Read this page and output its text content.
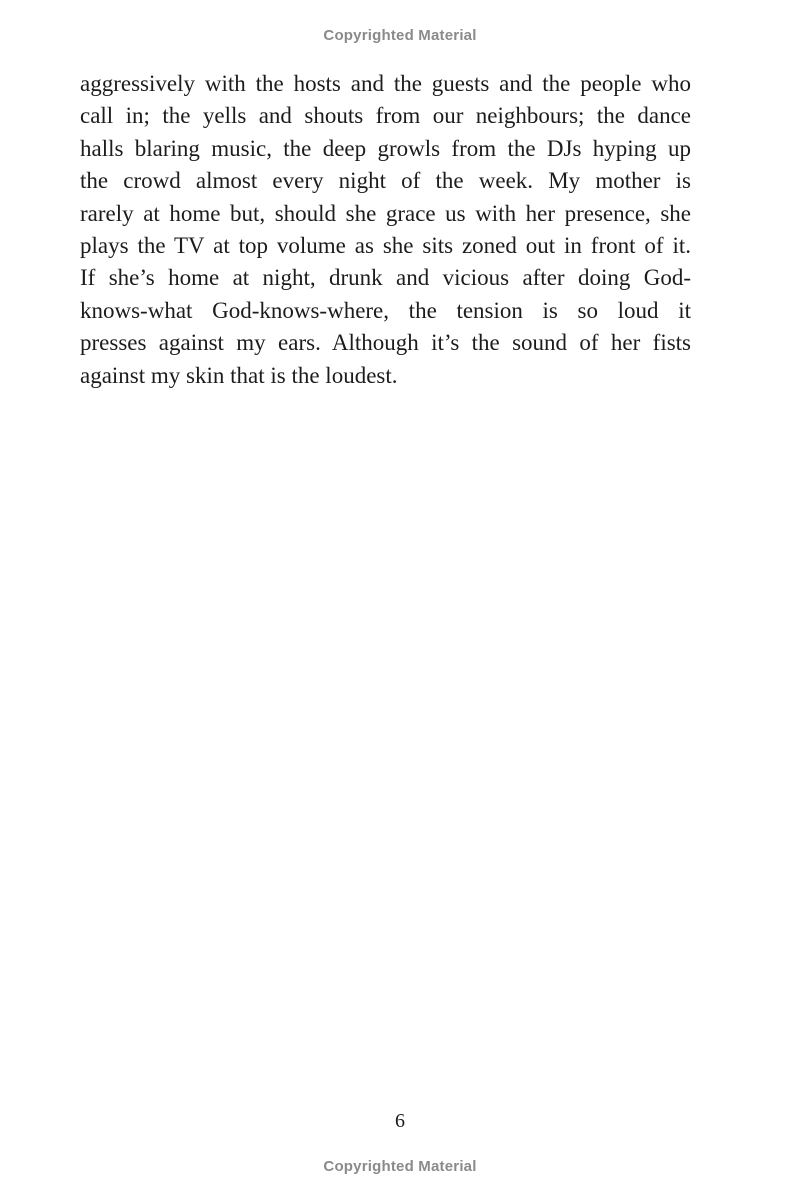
Copyrighted Material
aggressively with the hosts and the guests and the people who
call in; the yells and shouts from our neighbours; the dance
halls blaring music, the deep growls from the DJs hyping up
the crowd almost every night of the week. My mother is
rarely at home but, should she grace us with her presence, she
plays the TV at top volume as she sits zoned out in front of it.
If she’s home at night, drunk and vicious after doing God-
knows-what God-knows-where, the tension is so loud it
presses against my ears. Although it’s the sound of her fists
against my skin that is the loudest.
6
Copyrighted Material
